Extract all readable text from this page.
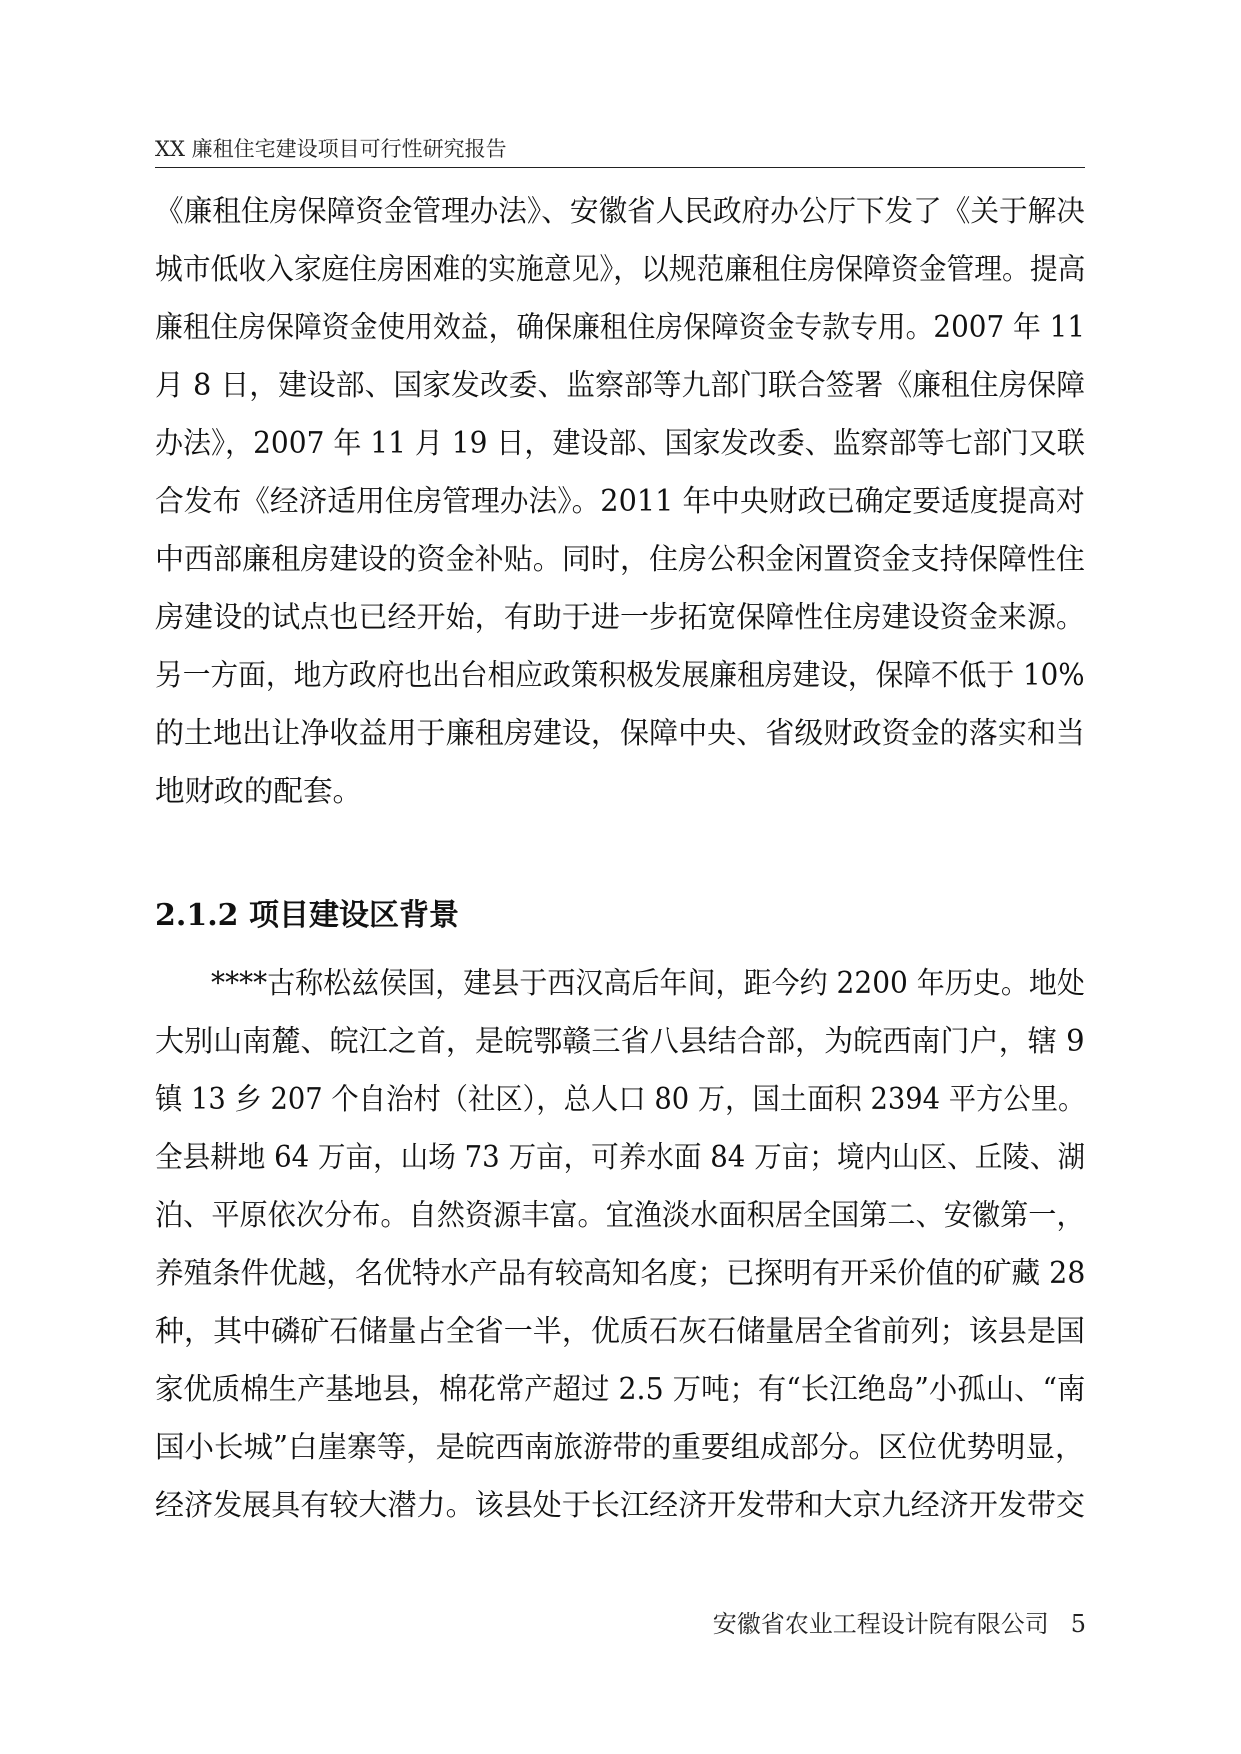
XX 廉租住宅建设项目可行性研究报告
《廉租住房保障资金管理办法》、安徽省人民政府办公厅下发了《关于解决
城市低收入家庭住房困难的实施意见》，以规范廉租住房保障资金管理。提高
廉租住房保障资金使用效益，确保廉租住房保障资金专款专用。2007 年 11
月 8 日，建设部、国家发改委、监察部等九部门联合签署《廉租住房保障
办法》，2007 年 11 月 19 日，建设部、国家发改委、监察部等七部门又联
合发布《经济适用住房管理办法》。2011 年中央财政已确定要适度提高对
中西部廉租房建设的资金补贴。同时，住房公积金闲置资金支持保障性住
房建设的试点也已经开始，有助于进一步拓宽保障性住房建设资金来源。
另一方面，地方政府也出台相应政策积极发展廉租房建设，保障不低于 10%
的土地出让净收益用于廉租房建设，保障中央、省级财政资金的落实和当
地财政的配套。
2.1.2 项目建设区背景
　　****古称松兹侯国，建县于西汉高后年间，距今约 2200 年历史。地处
大别山南麓、皖江之首，是皖鄂赣三省八县结合部，为皖西南门户，辖 9
镇 13 乡 207 个自治村（社区），总人口 80 万，国土面积 2394 平方公里。
全县耕地 64 万亩，山场 73 万亩，可养水面 84 万亩；境内山区、丘陵、湖
泊、平原依次分布。自然资源丰富。宜渔淡水面积居全国第二、安徽第一，
养殖条件优越，名优特水产品有较高知名度；已探明有开采价值的矿藏 28
种，其中磷矿石储量占全省一半，优质石灰石储量居全省前列；该县是国
家优质棉生产基地县，棉花常产超过 2.5 万吨；有“长江绝岛”小孤山、“南
国小长城”白崖寨等，是皖西南旅游带的重要组成部分。区位优势明显，
经济发展具有较大潜力。该县处于长江经济开发带和大京九经济开发带交
安徽省农业工程设计院有限公司 5
